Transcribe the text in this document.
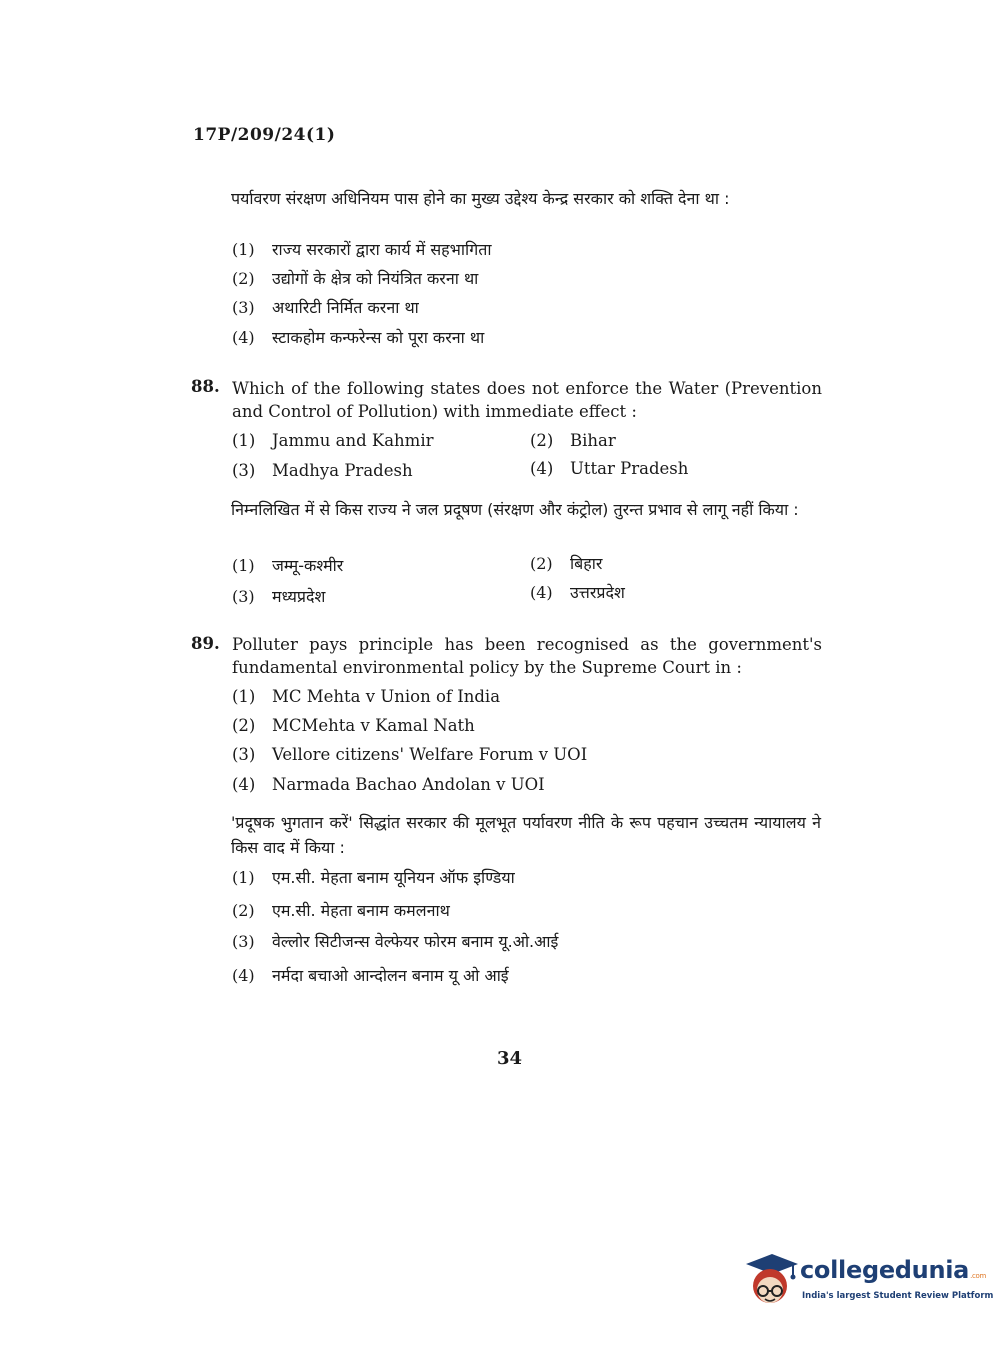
17P/209/24(1)
पर्यावरण संरक्षण अधिनियम पास होने का मुख्य उद्देश्य केन्द्र सरकार को शक्ति देना था :
(1) राज्य सरकारों द्वारा कार्य में सहभागिता
(2) उद्योगों के क्षेत्र को नियंत्रित करना था
(3) अथारिटी निर्मित करना था
(4) स्टाकहोम कन्फरेन्स को पूरा करना था
88. Which of the following states does not enforce the Water (Prevention and Control of Pollution) with immediate effect :
(1) Jammu and Kahmir	(2) Bihar
(3) Madhya Pradesh	(4) Uttar Pradesh
निम्नलिखित में से किस राज्य ने जल प्रदूषण (संरक्षण और कंट्रोल) तुरन्त प्रभाव से लागू नहीं किया :
(1) जम्मू-कश्मीर	(2) बिहार
(3) मध्यप्रदेश	(4) उत्तरप्रदेश
89. Polluter pays principle has been recognised as the government's fundamental environmental policy by the Supreme Court in :
(1) MC Mehta v Union of India
(2) MCMehta v Kamal Nath
(3) Vellore citizens' Welfare Forum v UOI
(4) Narmada Bachao Andolan v UOI
'प्रदूषक भुगतान करें' सिद्धांत सरकार की मूलभूत पर्यावरण नीति के रूप पहचान उच्चतम न्यायालय ने किस वाद में किया :
(1) एम.सी. मेहता बनाम यूनियन ऑफ इण्डिया
(2) एम.सी. मेहता बनाम कमलनाथ
(3) वेल्लोर सिटीजन्स वेल्फेयर फोरम बनाम यू.ओ.आई
(4) नर्मदा बचाओ आन्दोलन बनाम यू ओ आई
34
collegedunia.com
India's largest Student Review Platform
